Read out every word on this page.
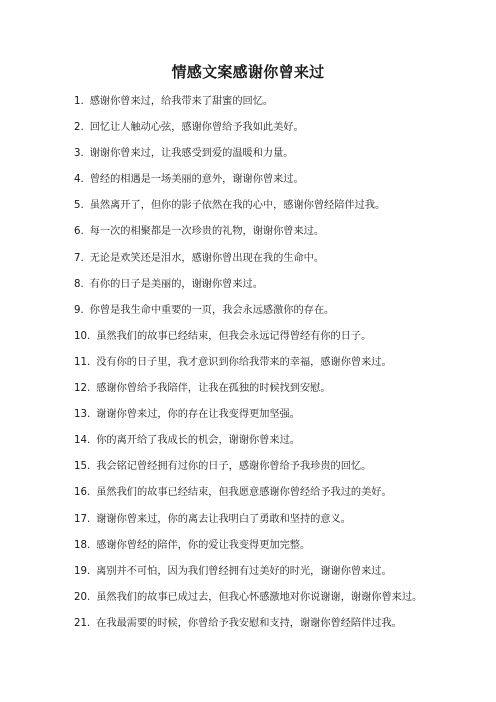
情感文案感谢你曾来过
1. 感谢你曾来过，给我带来了甜蜜的回忆。
2. 回忆让人触动心弦，感谢你曾给予我如此美好。
3. 谢谢你曾来过，让我感受到爱的温暖和力量。
4. 曾经的相遇是一场美丽的意外，谢谢你曾来过。
5. 虽然离开了，但你的影子依然在我的心中，感谢你曾经陪伴过我。
6. 每一次的相聚都是一次珍贵的礼物，谢谢你曾来过。
7. 无论是欢笑还是泪水，感谢你曾出现在我的生命中。
8. 有你的日子是美丽的，谢谢你曾来过。
9. 你曾是我生命中重要的一页，我会永远感激你的存在。
10. 虽然我们的故事已经结束，但我会永远记得曾经有你的日子。
11. 没有你的日子里，我才意识到你给我带来的幸福，感谢你曾来过。
12. 感谢你曾给予我陪伴，让我在孤独的时候找到安慰。
13. 谢谢你曾来过，你的存在让我变得更加坚强。
14. 你的离开给了我成长的机会，谢谢你曾来过。
15. 我会铭记曾经拥有过你的日子，感谢你曾给予我珍贵的回忆。
16. 虽然我们的故事已经结束，但我愿意感谢你曾经给予我过的美好。
17. 谢谢你曾来过，你的离去让我明白了勇敢和坚持的意义。
18. 感谢你曾经的陪伴，你的爱让我变得更加完整。
19. 离别并不可怕，因为我们曾经拥有过美好的时光，谢谢你曾来过。
20. 虽然我们的故事已成过去，但我心怀感激地对你说谢谢，谢谢你曾来过。
21. 在我最需要的时候，你曾给予我安慰和支持，谢谢你曾经陪伴过我。
